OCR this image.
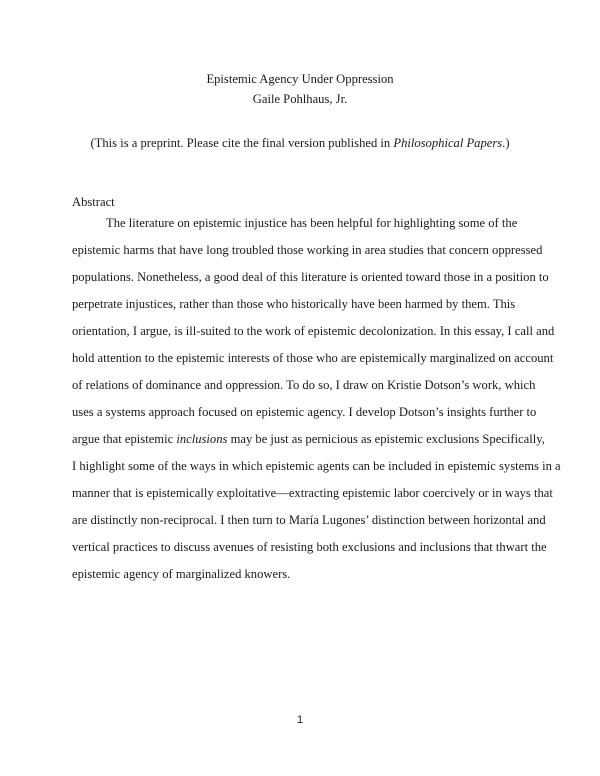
Epistemic Agency Under Oppression
Gaile Pohlhaus, Jr.
(This is a preprint. Please cite the final version published in Philosophical Papers.)
Abstract
The literature on epistemic injustice has been helpful for highlighting some of the
epistemic harms that have long troubled those working in area studies that concern oppressed
populations. Nonetheless, a good deal of this literature is oriented toward those in a position to
perpetrate injustices, rather than those who historically have been harmed by them. This
orientation, I argue, is ill-suited to the work of epistemic decolonization. In this essay, I call and
hold attention to the epistemic interests of those who are epistemically marginalized on account
of relations of dominance and oppression. To do so, I draw on Kristie Dotson’s work, which
uses a systems approach focused on epistemic agency. I develop Dotson’s insights further to
argue that epistemic inclusions may be just as pernicious as epistemic exclusions Specifically,
I highlight some of the ways in which epistemic agents can be included in epistemic systems in a
manner that is epistemically exploitative—extracting epistemic labor coercively or in ways that
are distinctly non-reciprocal. I then turn to María Lugones’ distinction between horizontal and
vertical practices to discuss avenues of resisting both exclusions and inclusions that thwart the
epistemic agency of marginalized knowers.
1
